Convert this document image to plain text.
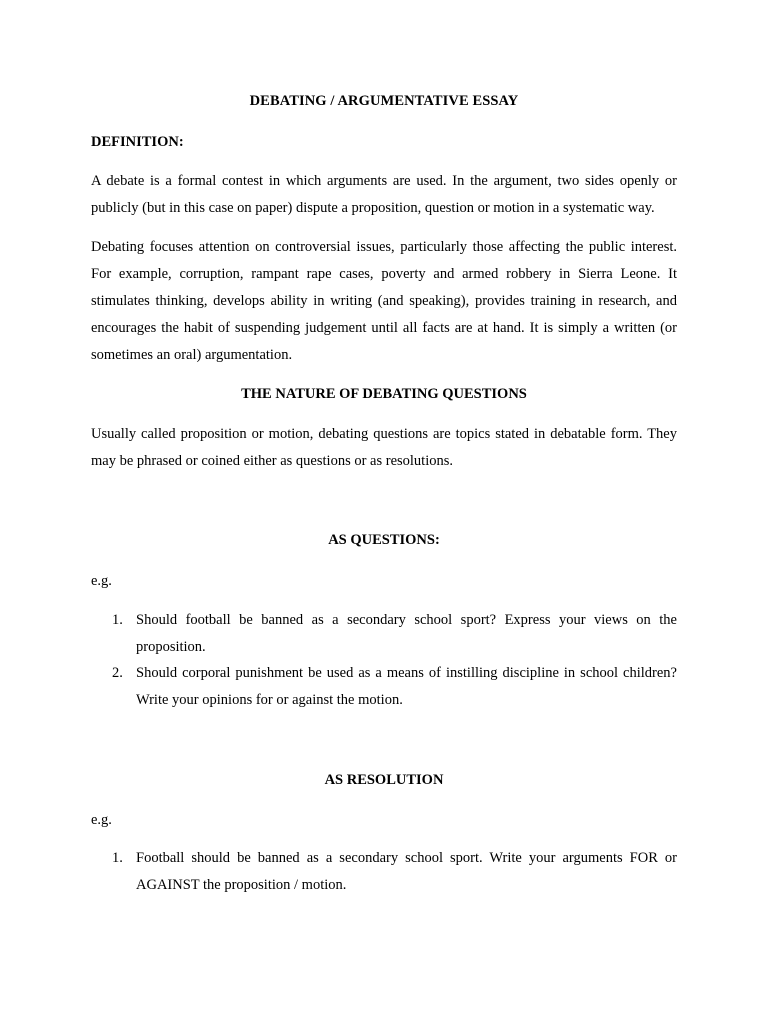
DEBATING / ARGUMENTATIVE ESSAY
DEFINITION:

A debate is a formal contest in which arguments are used. In the argument, two sides openly or publicly (but in this case on paper) dispute a proposition, question or motion in a systematic way.

Debating focuses attention on controversial issues, particularly those affecting the public interest. For example, corruption, rampant rape cases, poverty and armed robbery in Sierra Leone. It stimulates thinking, develops ability in writing (and speaking), provides training in research, and encourages the habit of suspending judgement until all facts are at hand. It is simply a written (or sometimes an oral) argumentation.

THE NATURE OF DEBATING QUESTIONS

Usually called proposition or motion, debating questions are topics stated in debatable form. They may be phrased or coined either as questions or as resolutions.

AS QUESTIONS:
e.g.
1. Should football be banned as a secondary school sport? Express your views on the proposition.
2. Should corporal punishment be used as a means of instilling discipline in school children? Write your opinions for or against the motion.
AS RESOLUTION
e.g.
1. Football should be banned as a secondary school sport. Write your arguments FOR or AGAINST the proposition / motion.
